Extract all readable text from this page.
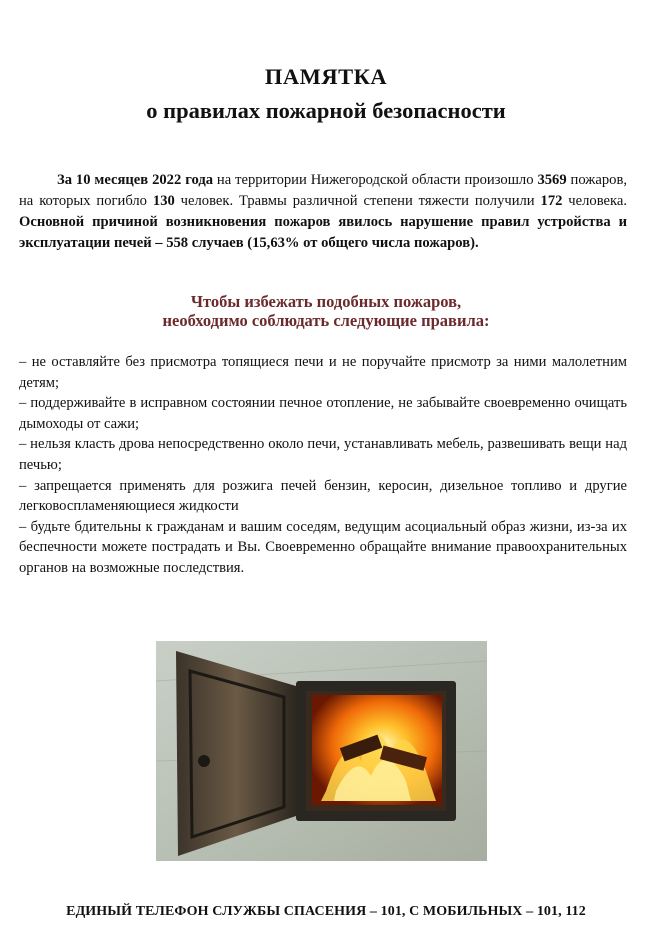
ПАМЯТКА
о правилах пожарной безопасности

За 10 месяцев 2022 года на территории Нижегородской области произошло 3569 пожаров, на которых погибло 130 человек. Травмы различной степени тяжести получили 172 человека. Основной причиной возникновения пожаров явилось нарушение правил устройства и эксплуатации печей – 558 случаев (15,63% от общего числа пожаров).

Чтобы избежать подобных пожаров,
необходимо соблюдать следующие правила:

– не оставляйте без присмотра топящиеся печи и не поручайте присмотр за ними малолетним детям;

– поддерживайте в исправном состоянии печное отопление, не забывайте своевременно очищать дымоходы от сажи;

– нельзя класть дрова непосредственно около печи, устанавливать мебель, развешивать вещи над печью;

– запрещается применять для розжига печей бензин, керосин, дизельное топливо и другие легковоспламеняющиеся жидкости

– будьте бдительны к гражданам и вашим соседям, ведущим асоциальный образ жизни, из-за их беспечности можете пострадать и Вы. Своевременно обращайте внимание правоохранительных органов на возможные последствия.

ЕДИНЫЙ ТЕЛЕФОН СЛУЖБЫ СПАСЕНИЯ – 101, С МОБИЛЬНЫХ – 101, 112
